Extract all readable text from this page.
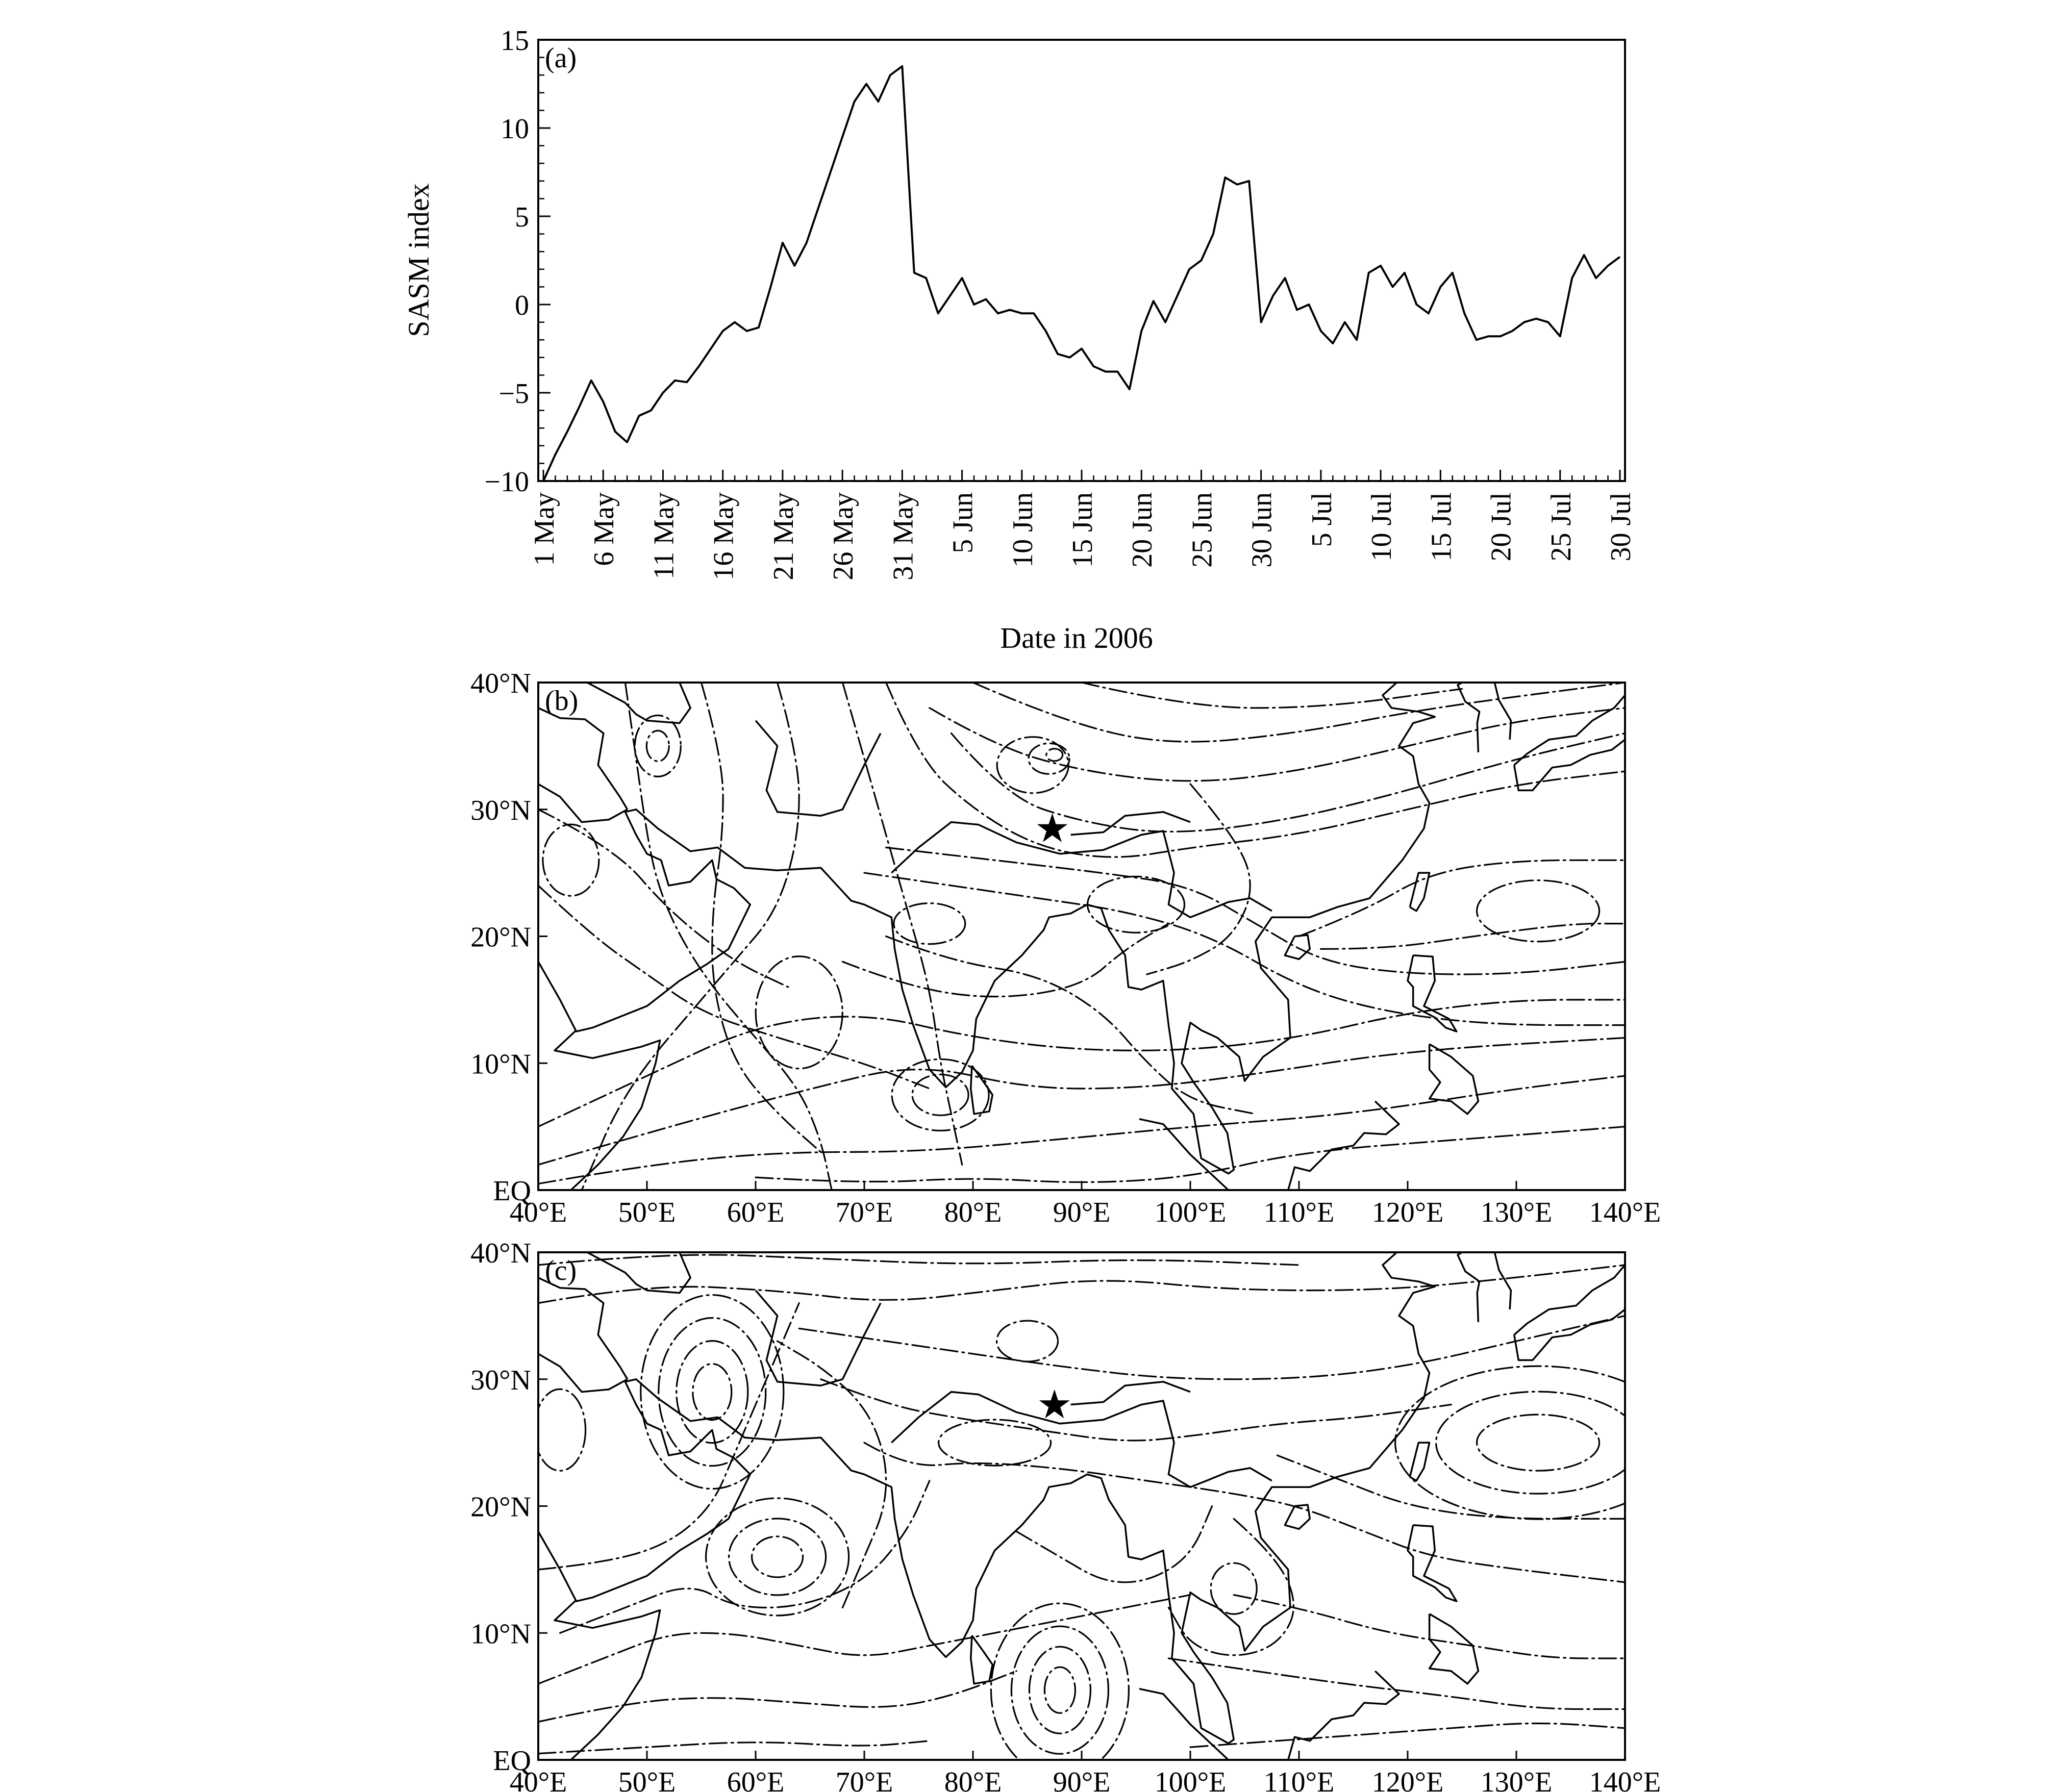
15
10
5
0
−5
−10
1 May 6 May 11 May 16 May 21 May 26 May 31 May 5 Jun 10 Jun 15 Jun 20 Jun 25 Jun 30 Jun 5 Jul 10 Jul 15 Jul 20 Jul 25 Jul 30 Jul
(a)
SASM index
Date in 2006
40°E 50°E 60°E 70°E 80°E 90°E 100°E 110°E 120°E 130°E 140°E
40°N
30°N
20°N
10°N
EQ
★
(b)
40°E 50°E 60°E 70°E 80°E 90°E 100°E 110°E 120°E 130°E 140°E
40°N
30°N
20°N
10°N
EQ
★
(c)
